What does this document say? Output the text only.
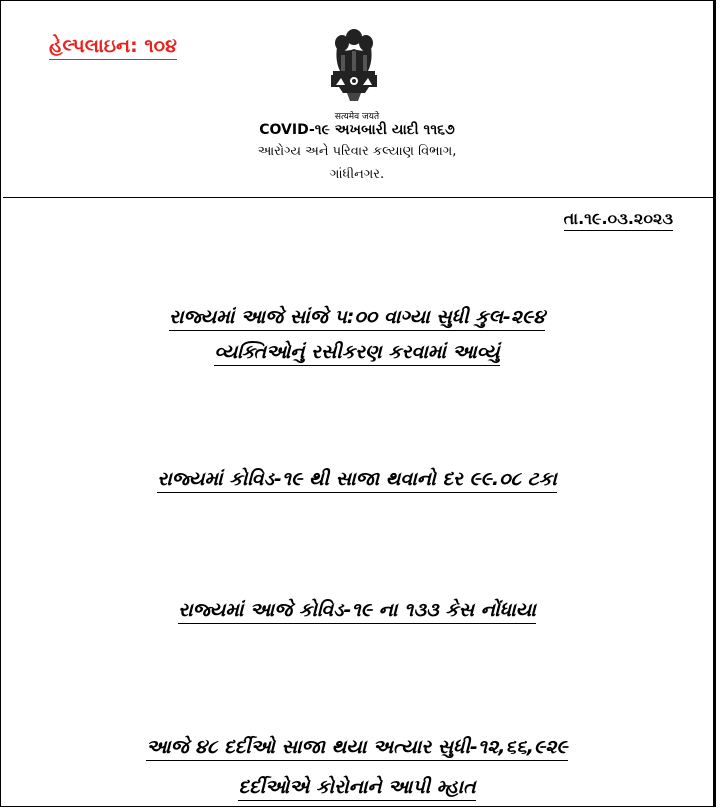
હેલ્પલાઇન: ૧૦૪
सत्यमेव जयते
COVID-૧૯ અખબારી યાદી ૧૧૬૭
આરોગ્ય અને પરિવાર કલ્યાણ વિભાગ,
ગાંધીનગર.
તા.૧૯.૦૩.૨૦૨૩
રાજ્યમાં આજે સાંજે ૫:૦૦ વાગ્યા સુધી કુલ-૨૯૪
વ્યક્તિઓનું રસીકરણ કરવામાં આવ્યું
રાજ્યમાં કોવિડ-૧૯ થી સાજા થવાનો દર ૯૯.૦૮ ટકા
રાજ્યમાં આજે કોવિડ-૧૯ ના ૧૩૩ કેસ નોંધાયા
આજે ૪૮ દર્દીઓ સાજા થયા અત્યાર સુધી-૧૨,૬૬,૯૨૯
દર્દીઓએ કોરોનાને આપી મ્હાત
